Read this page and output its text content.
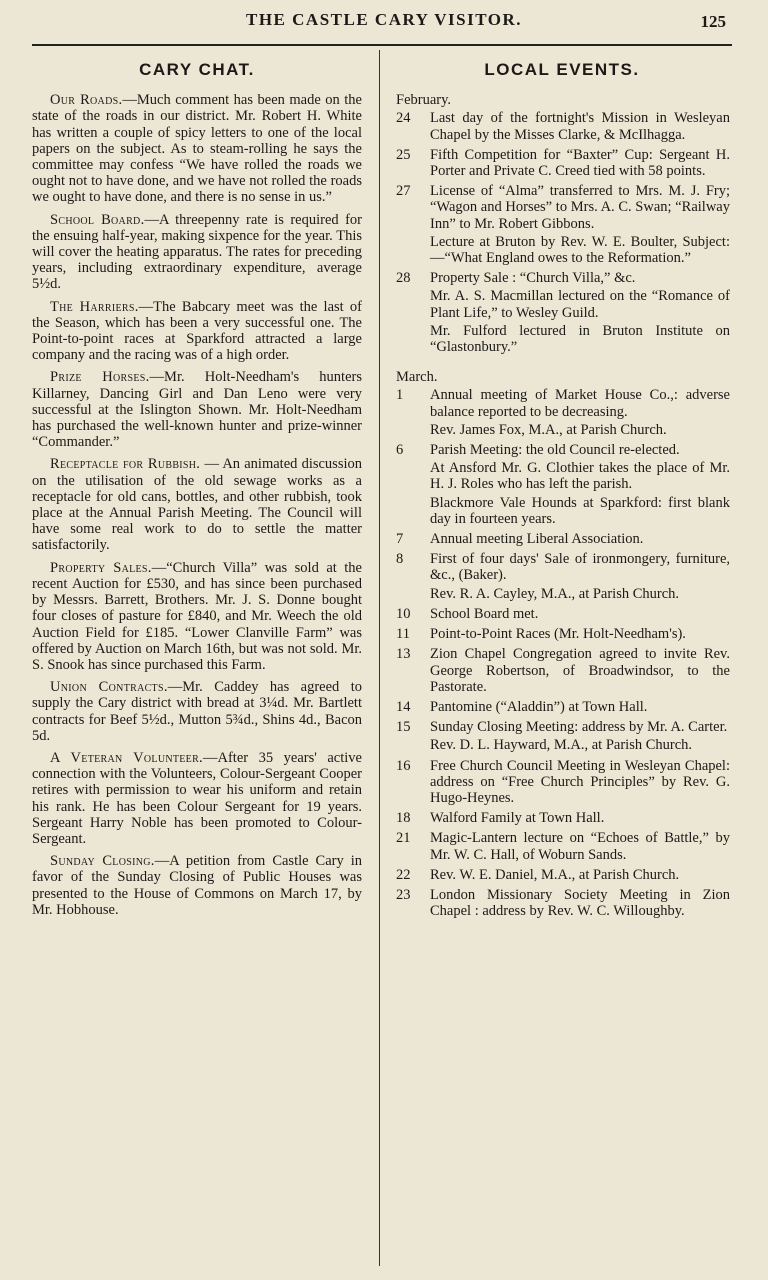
THE CASTLE CARY VISITOR.	125
CARY CHAT.

Our Roads.—Much comment has been made on the state of the roads in our district. Mr. Robert H. White has written a couple of spicy letters to one of the local papers on the subject. As to steam-rolling he says the committee may confess “We have rolled the roads we ought not to have done, and we have not rolled the roads we ought to have done, and there is no sense in us.”

School Board.—A threepenny rate is required for the ensuing half-year, making sixpence for the year. This will cover the heating apparatus. The rates for preceding years, including extraordinary expenditure, average 5½d.

The Harriers.—The Babcary meet was the last of the Season, which has been a very successful one. The Point-to-point races at Sparkford attracted a large company and the racing was of a high order.

Prize Horses.—Mr. Holt-Needham's hunters Killarney, Dancing Girl and Dan Leno were very successful at the Islington Shown. Mr. Holt-Needham has purchased the well-known hunter and prize-winner “Commander.”

Receptacle for Rubbish. — An animated discussion on the utilisation of the old sewage works as a receptacle for old cans, bottles, and other rubbish, took place at the Annual Parish Meeting. The Council will have some real work to do to settle the matter satisfactorily.

Property Sales.—“Church Villa” was sold at the recent Auction for £530, and has since been purchased by Messrs. Barrett, Brothers. Mr. J. S. Donne bought four closes of pasture for £840, and Mr. Weech the old Auction Field for £185. “Lower Clanville Farm” was offered by Auction on March 16th, but was not sold. Mr. S. Snook has since purchased this Farm.

Union Contracts.—Mr. Caddey has agreed to supply the Cary district with bread at 3¼d. Mr. Bartlett contracts for Beef 5½d., Mutton 5¾d., Shins 4d., Bacon 5d.

A Veteran Volunteer.—After 35 years' active connection with the Volunteers, Colour-Sergeant Cooper retires with permission to wear his uniform and retain his rank. He has been Colour Sergeant for 19 years. Sergeant Harry Noble has been promoted to Colour-Sergeant.

Sunday Closing.—A petition from Castle Cary in favor of the Sunday Closing of Public Houses was presented to the House of Commons on March 17, by Mr. Hobhouse.

LOCAL EVENTS.
February.
24	Last day of the fortnight's Mission in Wesleyan Chapel by the Misses Clarke, & McIlhagga.
25	Fifth Competition for “Baxter” Cup: Sergeant H. Porter and Private C. Creed tied with 58 points.
27	License of “Alma” transferred to Mrs. M. J. Fry; “Wagon and Horses” to Mrs. A. C. Swan; “Railway Inn” to Mr. Robert Gibbons.
Lecture at Bruton by Rev. W. E. Boulter, Subject:—“What England owes to the Reformation.”
28	Property Sale : “Church Villa,” &c.
Mr. A. S. Macmillan lectured on the “Romance of Plant Life,” to Wesley Guild.
Mr. Fulford lectured in Bruton Institute on “Glastonbury.”
March.
1	Annual meeting of Market House Co.,: adverse balance reported to be decreasing.
Rev. James Fox, M.A., at Parish Church.
6	Parish Meeting: the old Council re-elected.
At Ansford Mr. G. Clothier takes the place of Mr. H. J. Roles who has left the parish.
Blackmore Vale Hounds at Sparkford: first blank day in fourteen years.
7	Annual meeting Liberal Association.
8	First of four days' Sale of ironmongery, furniture, &c., (Baker).
Rev. R. A. Cayley, M.A., at Parish Church.
10	School Board met.
11	Point-to-Point Races (Mr. Holt-Needham's).
13	Zion Chapel Congregation agreed to invite Rev. George Robertson, of Broadwindsor, to the Pastorate.
14	Pantomine (“Aladdin”) at Town Hall.
15	Sunday Closing Meeting: address by Mr. A. Carter.
Rev. D. L. Hayward, M.A., at Parish Church.
16	Free Church Council Meeting in Wesleyan Chapel: address on “Free Church Principles” by Rev. G. Hugo-Heynes.
18	Walford Family at Town Hall.
21	Magic-Lantern lecture on “Echoes of Battle,” by Mr. W. C. Hall, of Woburn Sands.
22	Rev. W. E. Daniel, M.A., at Parish Church.
23	London Missionary Society Meeting in Zion Chapel : address by Rev. W. C. Willoughby.
